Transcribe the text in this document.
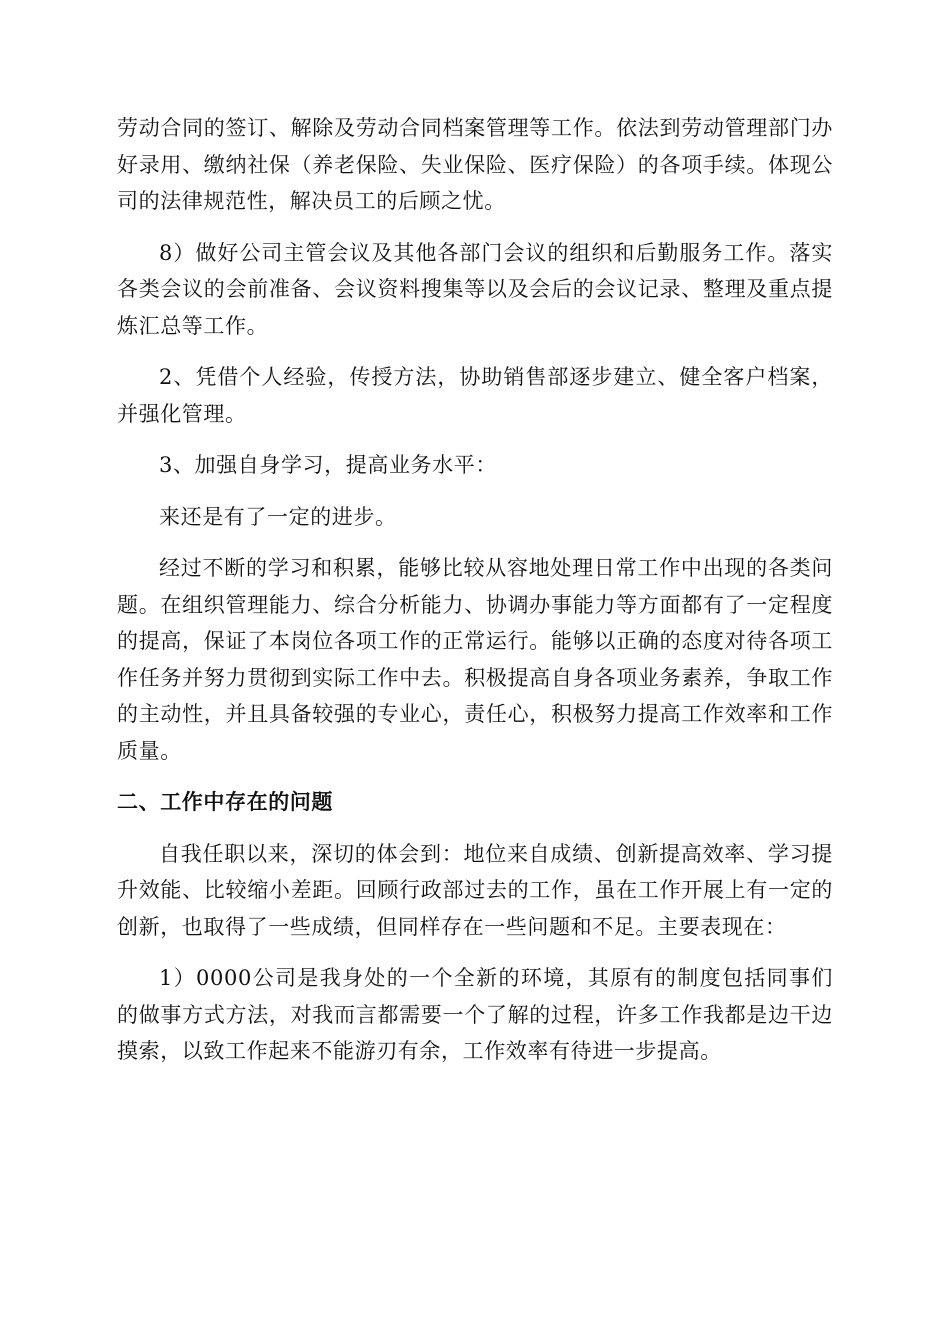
劳动合同的签订、解除及劳动合同档案管理等工作。依法到劳动管理部门办好录用、缴纳社保（养老保险、失业保险、医疗保险）的各项手续。体现公司的法律规范性，解决员工的后顾之忧。

8）做好公司主管会议及其他各部门会议的组织和后勤服务工作。落实各类会议的会前准备、会议资料搜集等以及会后的会议记录、整理及重点提炼汇总等工作。

2、凭借个人经验，传授方法，协助销售部逐步建立、健全客户档案，并强化管理。

3、加强自身学习，提高业务水平：

来还是有了一定的进步。

经过不断的学习和积累，能够比较从容地处理日常工作中出现的各类问题。在组织管理能力、综合分析能力、协调办事能力等方面都有了一定程度的提高，保证了本岗位各项工作的正常运行。能够以正确的态度对待各项工作任务并努力贯彻到实际工作中去。积极提高自身各项业务素养，争取工作的主动性，并且具备较强的专业心，责任心，积极努力提高工作效率和工作质量。

二、工作中存在的问题

自我任职以来，深切的体会到：地位来自成绩、创新提高效率、学习提升效能、比较缩小差距。回顾行政部过去的工作，虽在工作开展上有一定的创新，也取得了一些成绩，但同样存在一些问题和不足。主要表现在：

1）0000公司是我身处的一个全新的环境，其原有的制度包括同事们的做事方式方法，对我而言都需要一个了解的过程，许多工作我都是边干边摸索，以致工作起来不能游刃有余，工作效率有待进一步提高。
